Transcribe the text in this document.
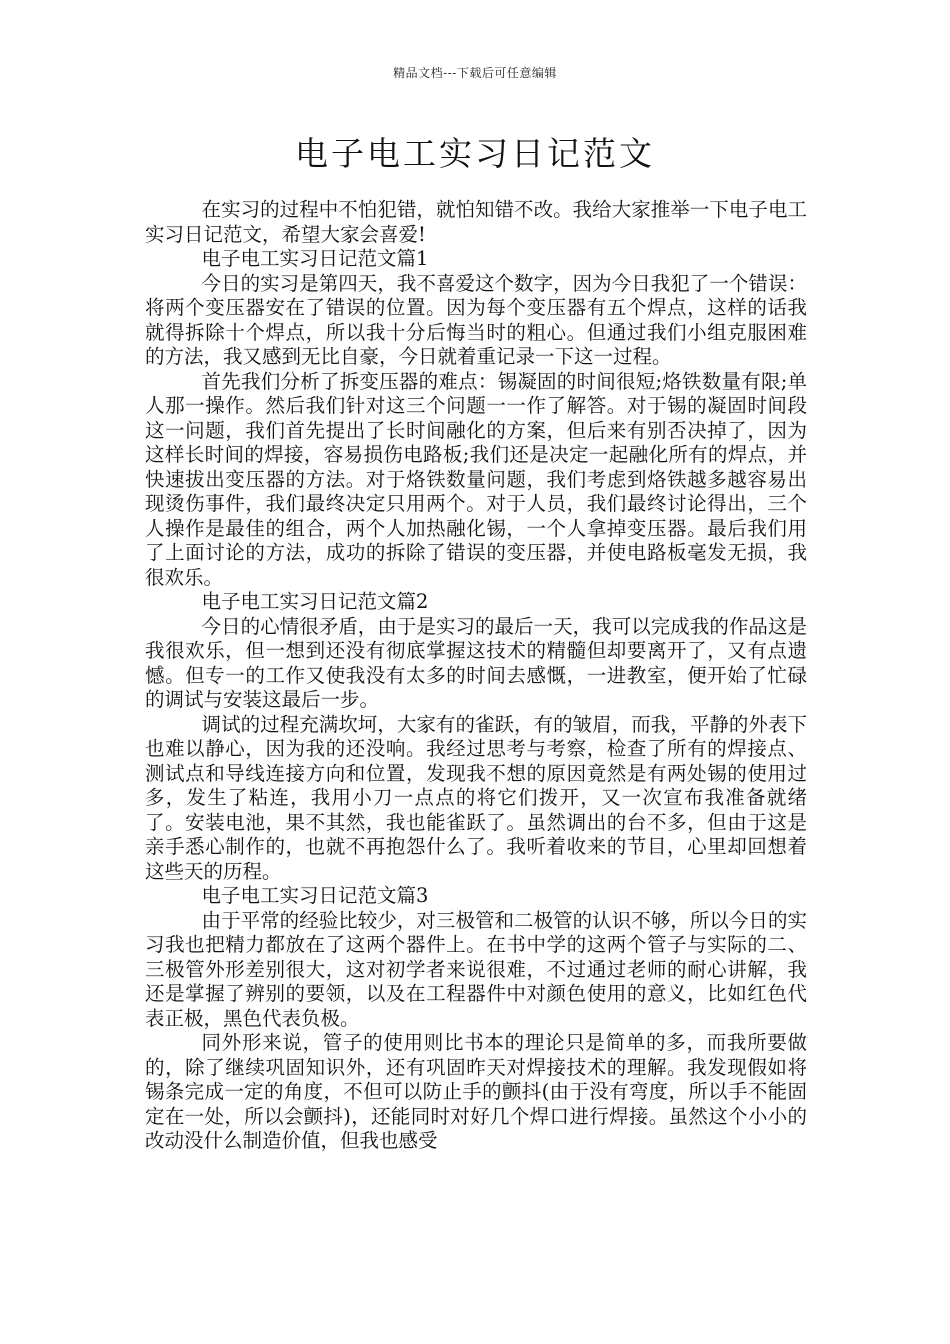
精品文档---下载后可任意编辑
电子电工实习日记范文

在实习的过程中不怕犯错，就怕知错不改。我给大家推举一下电子电工实习日记范文，希望大家会喜爱!

电子电工实习日记范文篇1

今日的实习是第四天，我不喜爱这个数字，因为今日我犯了一个错误：将两个变压器安在了错误的位置。因为每个变压器有五个焊点，这样的话我就得拆除十个焊点，所以我十分后悔当时的粗心。但通过我们小组克服困难的方法，我又感到无比自豪，今日就着重记录一下这一过程。

首先我们分析了拆变压器的难点：锡凝固的时间很短;烙铁数量有限;单人那一操作。然后我们针对这三个问题一一作了解答。对于锡的凝固时间段这一问题，我们首先提出了长时间融化的方案，但后来有别否决掉了，因为这样长时间的焊接，容易损伤电路板;我们还是决定一起融化所有的焊点，并快速拔出变压器的方法。对于烙铁数量问题，我们考虑到烙铁越多越容易出现烫伤事件，我们最终决定只用两个。对于人员，我们最终讨论得出，三个人操作是最佳的组合，两个人加热融化锡，一个人拿掉变压器。最后我们用了上面讨论的方法，成功的拆除了错误的变压器，并使电路板毫发无损，我很欢乐。

电子电工实习日记范文篇2

今日的心情很矛盾，由于是实习的最后一天，我可以完成我的作品这是我很欢乐，但一想到还没有彻底掌握这技术的精髓但却要离开了，又有点遗憾。但专一的工作又使我没有太多的时间去感慨，一进教室，便开始了忙碌的调试与安装这最后一步。

调试的过程充满坎坷，大家有的雀跃，有的皱眉，而我，平静的外表下也难以静心，因为我的还没响。我经过思考与考察，检查了所有的焊接点、测试点和导线连接方向和位置，发现我不想的原因竟然是有两处锡的使用过多，发生了粘连，我用小刀一点点的将它们拨开，又一次宣布我准备就绪了。安装电池，果不其然，我也能雀跃了。虽然调出的台不多，但由于这是亲手悉心制作的，也就不再抱怨什么了。我听着收来的节目，心里却回想着这些天的历程。

电子电工实习日记范文篇3

由于平常的经验比较少，对三极管和二极管的认识不够，所以今日的实习我也把精力都放在了这两个器件上。在书中学的这两个管子与实际的二、三极管外形差别很大，这对初学者来说很难，不过通过老师的耐心讲解，我还是掌握了辨别的要领，以及在工程器件中对颜色使用的意义，比如红色代表正极，黑色代表负极。

同外形来说，管子的使用则比书本的理论只是简单的多，而我所要做的，除了继续巩固知识外，还有巩固昨天对焊接技术的理解。我发现假如将锡条完成一定的角度，不但可以防止手的颤抖(由于没有弯度，所以手不能固定在一处，所以会颤抖)，还能同时对好几个焊口进行焊接。虽然这个小小的改动没什么制造价值，但我也感受
